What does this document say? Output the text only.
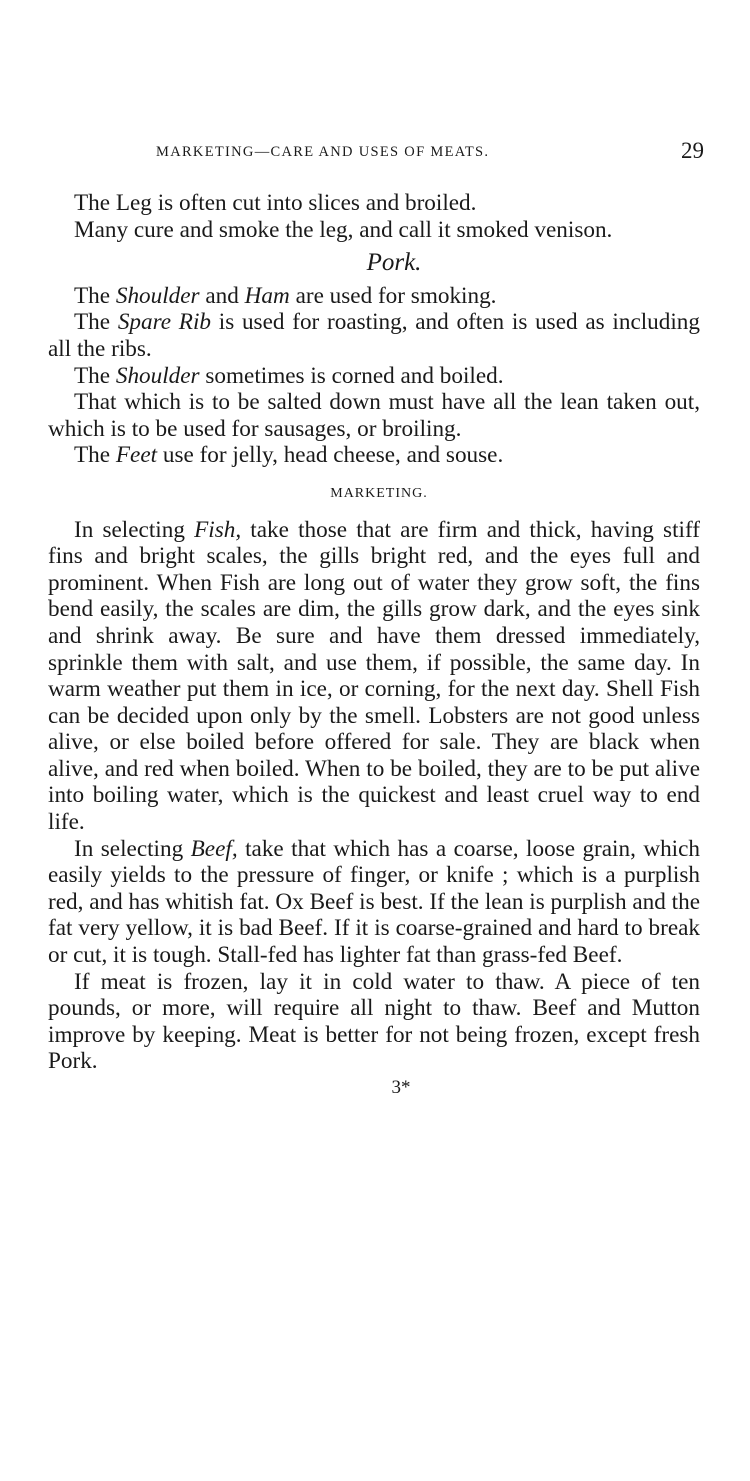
MARKETING—CARE AND USES OF MEATS.	29

The Leg is often cut into slices and broiled.

Many cure and smoke the leg, and call it smoked venison.

Pork.

The Shoulder and Ham are used for smoking.

The Spare Rib is used for roasting, and often is used as including all the ribs.

The Shoulder sometimes is corned and boiled.

That which is to be salted down must have all the lean taken out, which is to be used for sausages, or broiling.

The Feet use for jelly, head cheese, and souse.

MARKETING.

In selecting Fish, take those that are firm and thick, having stiff fins and bright scales, the gills bright red, and the eyes full and prominent. When Fish are long out of water they grow soft, the fins bend easily, the scales are dim, the gills grow dark, and the eyes sink and shrink away. Be sure and have them dressed immediately, sprinkle them with salt, and use them, if possible, the same day. In warm weather put them in ice, or corning, for the next day. Shell Fish can be decided upon only by the smell. Lobsters are not good unless alive, or else boiled before offered for sale. They are black when alive, and red when boiled. When to be boiled, they are to be put alive into boiling water, which is the quickest and least cruel way to end life.

In selecting Beef, take that which has a coarse, loose grain, which easily yields to the pressure of finger, or knife ; which is a purplish red, and has whitish fat. Ox Beef is best. If the lean is purplish and the fat very yellow, it is bad Beef. If it is coarse-grained and hard to break or cut, it is tough. Stall-fed has lighter fat than grass-fed Beef.

If meat is frozen, lay it in cold water to thaw. A piece of ten pounds, or more, will require all night to thaw. Beef and Mutton improve by keeping. Meat is better for not being frozen, except fresh Pork.

3*
